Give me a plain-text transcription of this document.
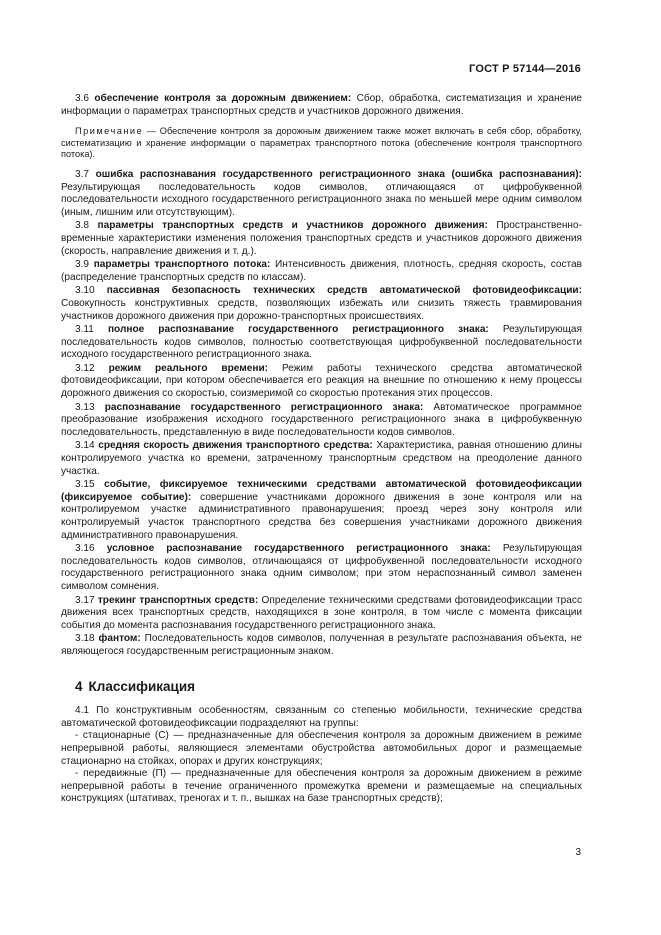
ГОСТ Р 57144—2016

3.6 обеспечение контроля за дорожным движением: Сбор, обработка, систематизация и хранение информации о параметрах транспортных средств и участников дорожного движения.

Примечание — Обеспечение контроля за дорожным движением также может включать в себя сбор, обработку, систематизацию и хранение информации о параметрах транспортного потока (обеспечение контроля транспортного потока).

3.7 ошибка распознавания государственного регистрационного знака (ошибка распознавания): Результирующая последовательность кодов символов, отличающаяся от цифробуквенной последовательности исходного государственного регистрационного знака по меньшей мере одним символом (иным, лишним или отсутствующим).

3.8 параметры транспортных средств и участников дорожного движения: Пространственно-временные характеристики изменения положения транспортных средств и участников дорожного движения (скорость, направление движения и т. д.).

3.9 параметры транспортного потока: Интенсивность движения, плотность, средняя скорость, состав (распределение транспортных средств по классам).

3.10 пассивная безопасность технических средств автоматической фотовидеофиксации: Совокупность конструктивных средств, позволяющих избежать или снизить тяжесть травмирования участников дорожного движения при дорожно-транспортных происшествиях.

3.11 полное распознавание государственного регистрационного знака: Результирующая последовательность кодов символов, полностью соответствующая цифробуквенной последовательности исходного государственного регистрационного знака.

3.12 режим реального времени: Режим работы технического средства автоматической фотовидеофиксации, при котором обеспечивается его реакция на внешние по отношению к нему процессы дорожного движения со скоростью, соизмеримой со скоростью протекания этих процессов.

3.13 распознавание государственного регистрационного знака: Автоматическое программное преобразование изображения исходного государственного регистрационного знака в цифробуквенную последовательность, представленную в виде последовательности кодов символов.

3.14 средняя скорость движения транспортного средства: Характеристика, равная отношению длины контролируемого участка ко времени, затраченному транспортным средством на преодоление данного участка.

3.15 событие, фиксируемое техническими средствами автоматической фотовидеофиксации (фиксируемое событие): совершение участниками дорожного движения в зоне контроля или на контролируемом участке административного правонарушения; проезд через зону контроля или контролируемый участок транспортного средства без совершения участниками дорожного движения административного правонарушения.

3.16 условное распознавание государственного регистрационного знака: Результирующая последовательность кодов символов, отличающаяся от цифробуквенной последовательности исходного государственного регистрационного знака одним символом; при этом нераспознанный символ заменен символом сомнения.

3.17 трекинг транспортных средств: Определение техническими средствами фотовидеофиксации трасс движения всех транспортных средств, находящихся в зоне контроля, в том числе с момента фиксации события до момента распознавания государственного регистрационного знака.

3.18 фантом: Последовательность кодов символов, полученная в результате распознавания объекта, не являющегося государственным регистрационным знаком.

4 Классификация

4.1 По конструктивным особенностям, связанным со степенью мобильности, технические средства автоматической фотовидеофиксации подразделяют на группы:

- стационарные (С) — предназначенные для обеспечения контроля за дорожным движением в режиме непрерывной работы, являющиеся элементами обустройства автомобильных дорог и размещаемые стационарно на стойках, опорах и других конструкциях;

- передвижные (П) — предназначенные для обеспечения контроля за дорожным движением в режиме непрерывной работы в течение ограниченного промежутка времени и размещаемые на специальных конструкциях (штативах, треногах и т. п., вышках на базе транспортных средств);

3
